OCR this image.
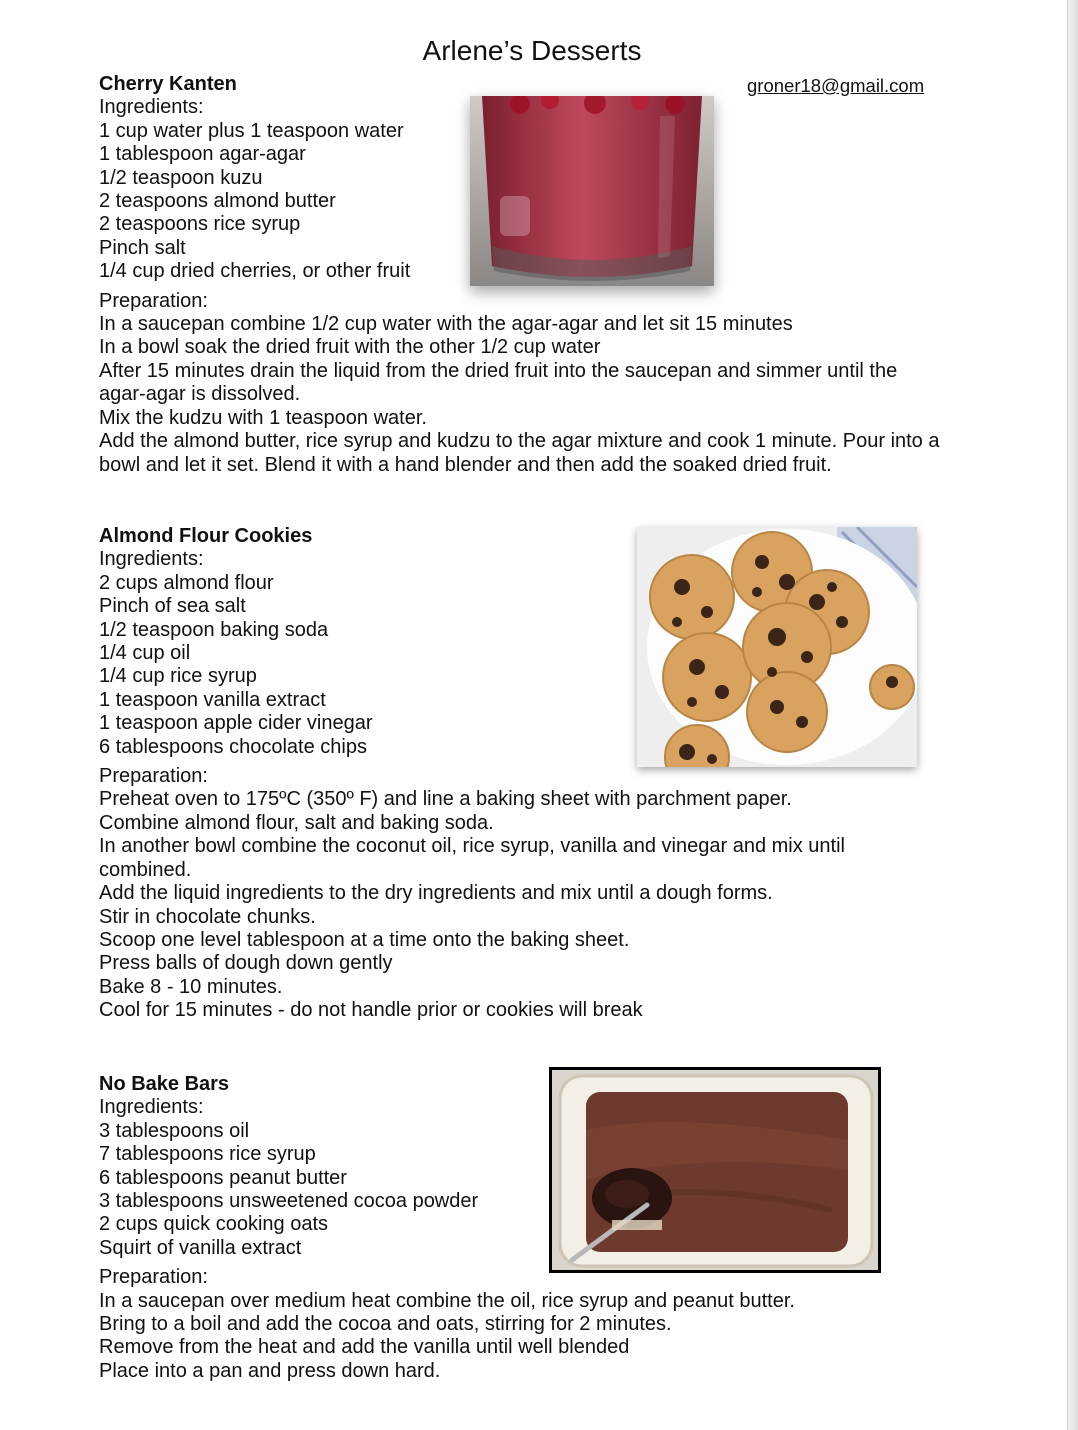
Arlene’s Desserts
groner18@gmail.com
Cherry Kanten
Ingredients:
1 cup water plus 1 teaspoon water
1 tablespoon agar-agar
1/2 teaspoon kuzu
2 teaspoons almond butter
2 teaspoons rice syrup
Pinch salt
1/4 cup dried cherries, or other fruit
Preparation:
In a saucepan combine 1/2 cup water with the agar-agar and let sit 15 minutes
In a bowl soak the dried fruit with the other 1/2 cup water
After 15 minutes drain the liquid from the dried fruit into the saucepan and simmer until the agar-agar is dissolved.
Mix the kudzu with 1 teaspoon water.
Add the almond butter, rice syrup and kudzu to the agar mixture and cook 1 minute. Pour into a bowl and let it set. Blend it with a hand blender and then add the soaked dried fruit.
Almond Flour Cookies
Ingredients:
2 cups almond flour
Pinch of sea salt
1/2 teaspoon baking soda
1/4 cup oil
1/4 cup rice syrup
1 teaspoon vanilla extract
1 teaspoon apple cider vinegar
6 tablespoons chocolate chips
Preparation:
Preheat oven to 175ºC (350º F) and line a baking sheet with parchment paper.
Combine almond flour, salt and baking soda.
In another bowl combine the coconut oil, rice syrup, vanilla and vinegar and mix until combined.
Add the liquid ingredients to the dry ingredients and mix until a dough forms.
Stir in chocolate chunks.
Scoop one level tablespoon at a time onto the baking sheet.
Press balls of dough down gently
Bake 8 - 10 minutes.
Cool for 15 minutes - do not handle prior or cookies will break
No Bake Bars
Ingredients:
3 tablespoons oil
7 tablespoons rice syrup
6 tablespoons peanut butter
3 tablespoons unsweetened cocoa powder
2 cups quick cooking oats
Squirt of vanilla extract
Preparation:
In a saucepan over medium heat combine the oil, rice syrup and peanut butter.
Bring to a boil and add the cocoa and oats, stirring for 2 minutes.
Remove from the heat and add the vanilla until well blended
Place into a pan and press down hard.
